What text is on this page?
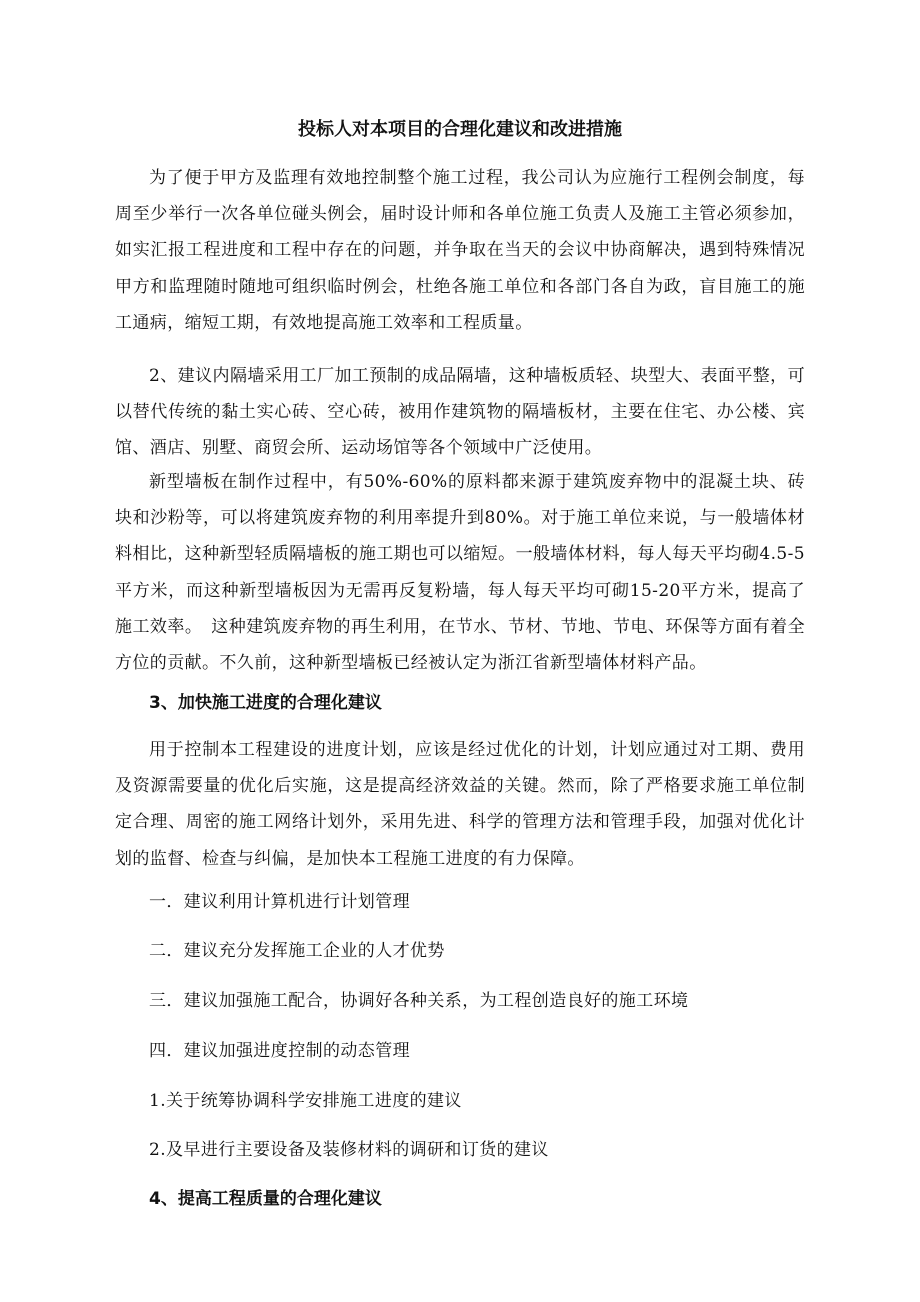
投标人对本项目的合理化建议和改进措施

为了便于甲方及监理有效地控制整个施工过程，我公司认为应施行工程例会制度，每周至少举行一次各单位碰头例会，届时设计师和各单位施工负责人及施工主管必须参加，如实汇报工程进度和工程中存在的问题，并争取在当天的会议中协商解决，遇到特殊情况甲方和监理随时随地可组织临时例会，杜绝各施工单位和各部门各自为政，盲目施工的施工通病，缩短工期，有效地提高施工效率和工程质量。

2、建议内隔墙采用工厂加工预制的成品隔墙，这种墙板质轻、块型大、表面平整，可以替代传统的黏土实心砖、空心砖，被用作建筑物的隔墙板材，主要在住宅、办公楼、宾馆、酒店、别墅、商贸会所、运动场馆等各个领域中广泛使用。

新型墙板在制作过程中，有50%-60%的原料都来源于建筑废弃物中的混凝土块、砖块和沙粉等，可以将建筑废弃物的利用率提升到80%。对于施工单位来说，与一般墙体材料相比，这种新型轻质隔墙板的施工期也可以缩短。一般墙体材料，每人每天平均砌4.5-5平方米，而这种新型墙板因为无需再反复粉墙，每人每天平均可砌15-20平方米，提高了施工效率。　这种建筑废弃物的再生利用，在节水、节材、节地、节电、环保等方面有着全方位的贡献。不久前，这种新型墙板已经被认定为浙江省新型墙体材料产品。

3、加快施工进度的合理化建议

用于控制本工程建设的进度计划，应该是经过优化的计划，计划应通过对工期、费用及资源需要量的优化后实施，这是提高经济效益的关键。然而，除了严格要求施工单位制定合理、周密的施工网络计划外，采用先进、科学的管理方法和管理手段，加强对优化计划的监督、检查与纠偏，是加快本工程施工进度的有力保障。

一．建议利用计算机进行计划管理

二．建议充分发挥施工企业的人才优势

三．建议加强施工配合，协调好各种关系，为工程创造良好的施工环境

四．建议加强进度控制的动态管理

1.关于统筹协调科学安排施工进度的建议

2.及早进行主要设备及装修材料的调研和订货的建议

4、提高工程质量的合理化建议
